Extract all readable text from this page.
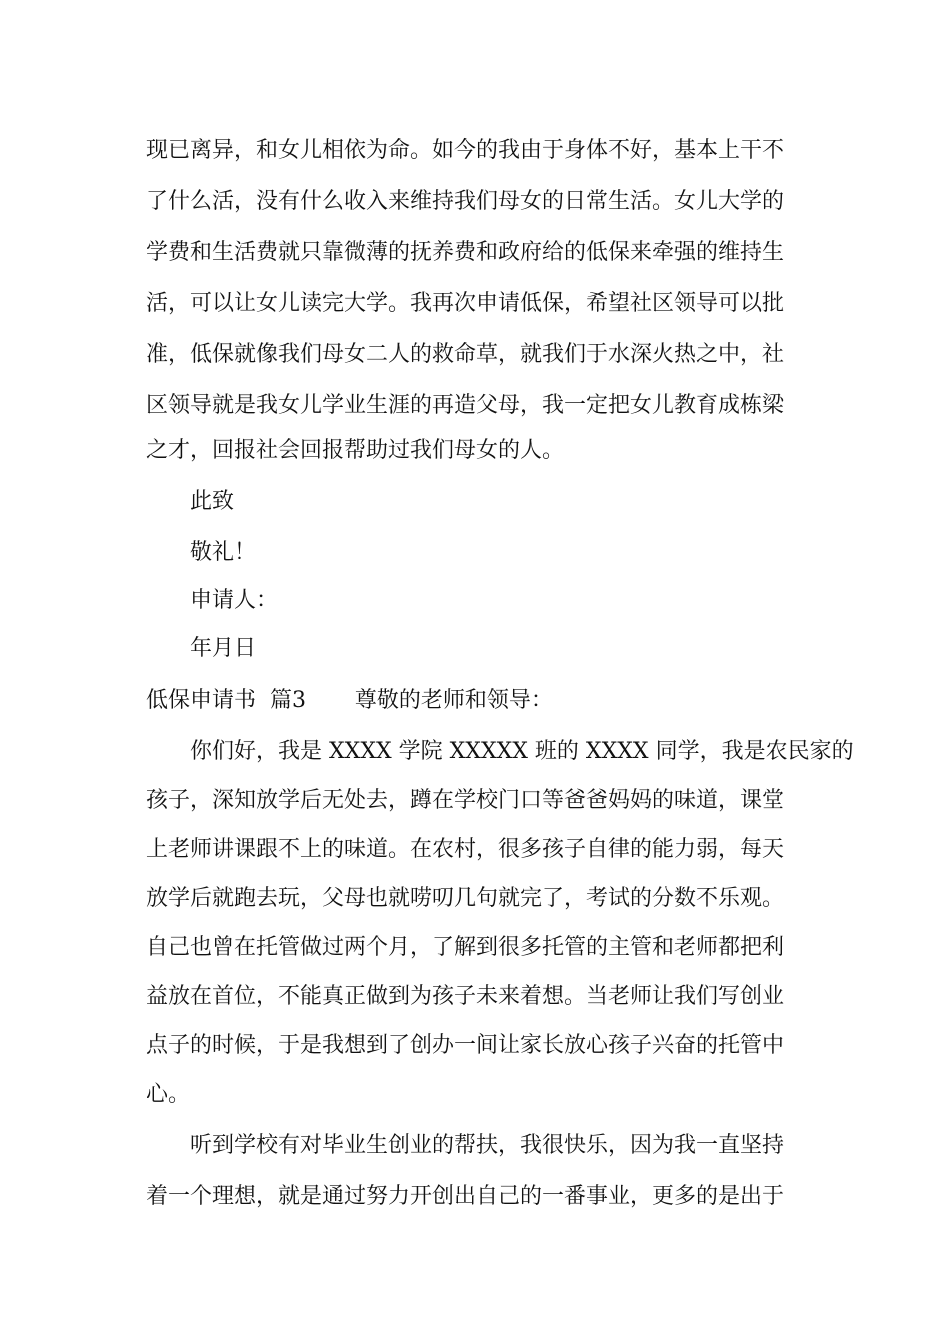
现已离异，和女儿相依为命。如今的我由于身体不好，基本上干不
了什么活，没有什么收入来维持我们母女的日常生活。女儿大学的
学费和生活费就只靠微薄的抚养费和政府给的低保来牵强的维持生
活，可以让女儿读完大学。我再次申请低保，希望社区领导可以批
准，低保就像我们母女二人的救命草，就我们于水深火热之中，社
区领导就是我女儿学业生涯的再造父母，我一定把女儿教育成栋梁
之才，回报社会回报帮助过我们母女的人。
此致
敬礼！
申请人：
年月日
低保申请书  篇3       尊敬的老师和领导：
你们好，我是 XXXX 学院 XXXXX 班的 XXXX 同学，我是农民家的
孩子，深知放学后无处去，蹲在学校门口等爸爸妈妈的味道，课堂
上老师讲课跟不上的味道。在农村，很多孩子自律的能力弱，每天
放学后就跑去玩，父母也就唠叨几句就完了，考试的分数不乐观。
自己也曾在托管做过两个月，了解到很多托管的主管和老师都把利
益放在首位，不能真正做到为孩子未来着想。当老师让我们写创业
点子的时候，于是我想到了创办一间让家长放心孩子兴奋的托管中
心。
听到学校有对毕业生创业的帮扶，我很快乐，因为我一直坚持
着一个理想，就是通过努力开创出自己的一番事业，更多的是出于
